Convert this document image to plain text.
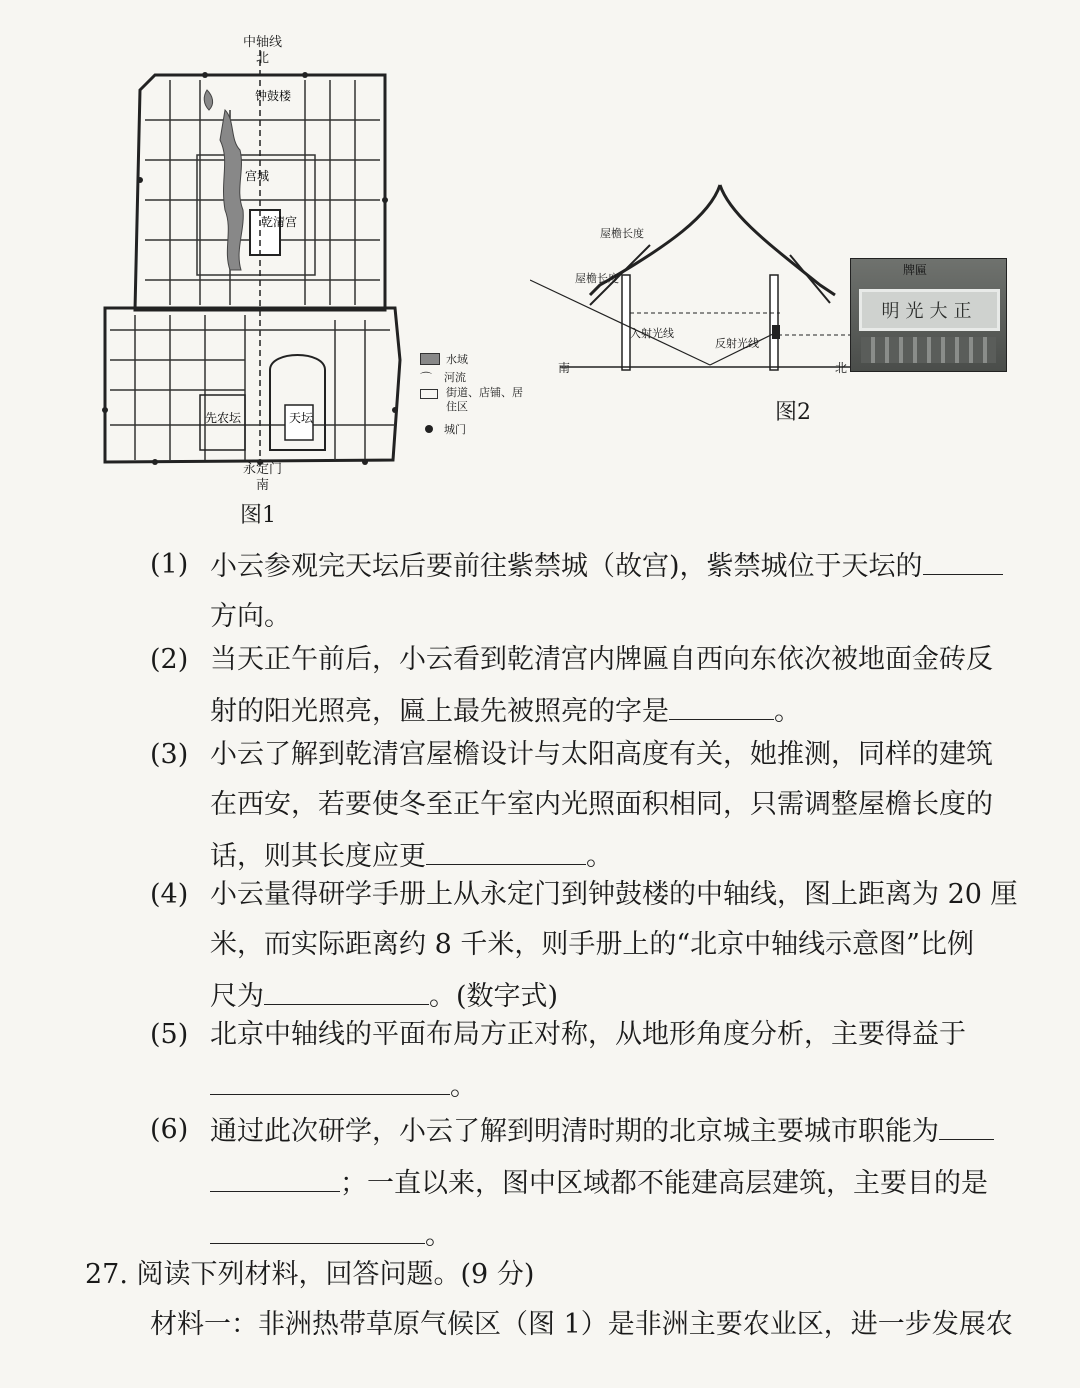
乾清宫
宫城
钟鼓楼
天坛
先农坛
中轴线
北
永定门
南
水域
⌒	河流
街道、店铺、居住区
城门
图1
屋檐长度
屋檐长度
入射光线
反射光线
南	北
牌匾
明光大正
图2
(1) 小云参观完天坛后要前往紫禁城（故宫)，紫禁城位于天坛的
方向。
(2) 当天正午前后，小云看到乾清宫内牌匾自西向东依次被地面金砖反
射的阳光照亮，匾上最先被照亮的字是	。
(3) 小云了解到乾清宫屋檐设计与太阳高度有关，她推测，同样的建筑
在西安，若要使冬至正午室内光照面积相同，只需调整屋檐长度的
话，则其长度应更	。
(4) 小云量得研学手册上从永定门到钟鼓楼的中轴线，图上距离为 20 厘
米，而实际距离约 8 千米，则手册上的“北京中轴线示意图”比例
尺为	。(数字式)
(5) 北京中轴线的平面布局方正对称，从地形角度分析，主要得益于
。
(6) 通过此次研学，小云了解到明清时期的北京城主要城市职能为
；一直以来，图中区域都不能建高层建筑，主要目的是
。
27. 阅读下列材料，回答问题。(9 分)
材料一：非洲热带草原气候区（图 1）是非洲主要农业区，进一步发展农
